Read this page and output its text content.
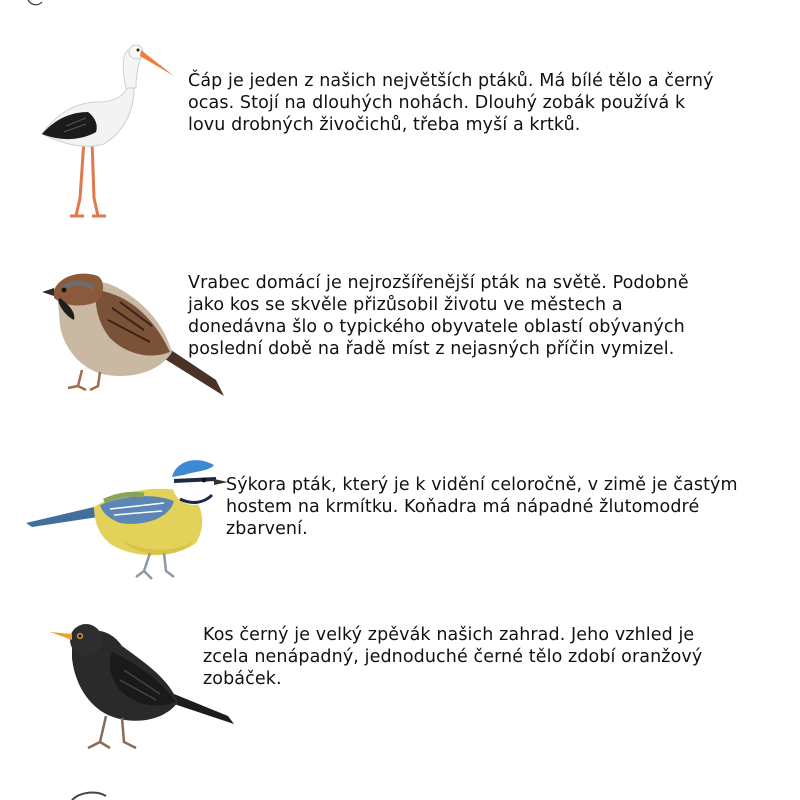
Čáp je jeden z našich největších ptáků. Má bílé tělo a černý
ocas. Stojí na dlouhých nohách. Dlouhý zobák používá k
lovu drobných živočichů, třeba myší a krtků.
Vrabec domácí je nejrozšířenější pták na světě. Podobně
jako kos se skvěle přizůsobil životu ve městech a
donedávna šlo o typického obyvatele oblastí obývaných
poslední době na řadě míst z nejasných příčin vymizel.
Sýkora pták, který je k vidění celoročně, v zimě je častým
hostem na krmítku. Koňadra má nápadné žlutomodré
zbarvení.
Kos černý je velký zpěvák našich zahrad. Jeho vzhled je
zcela nenápadný, jednoduché černé tělo zdobí oranžový
zobáček.
